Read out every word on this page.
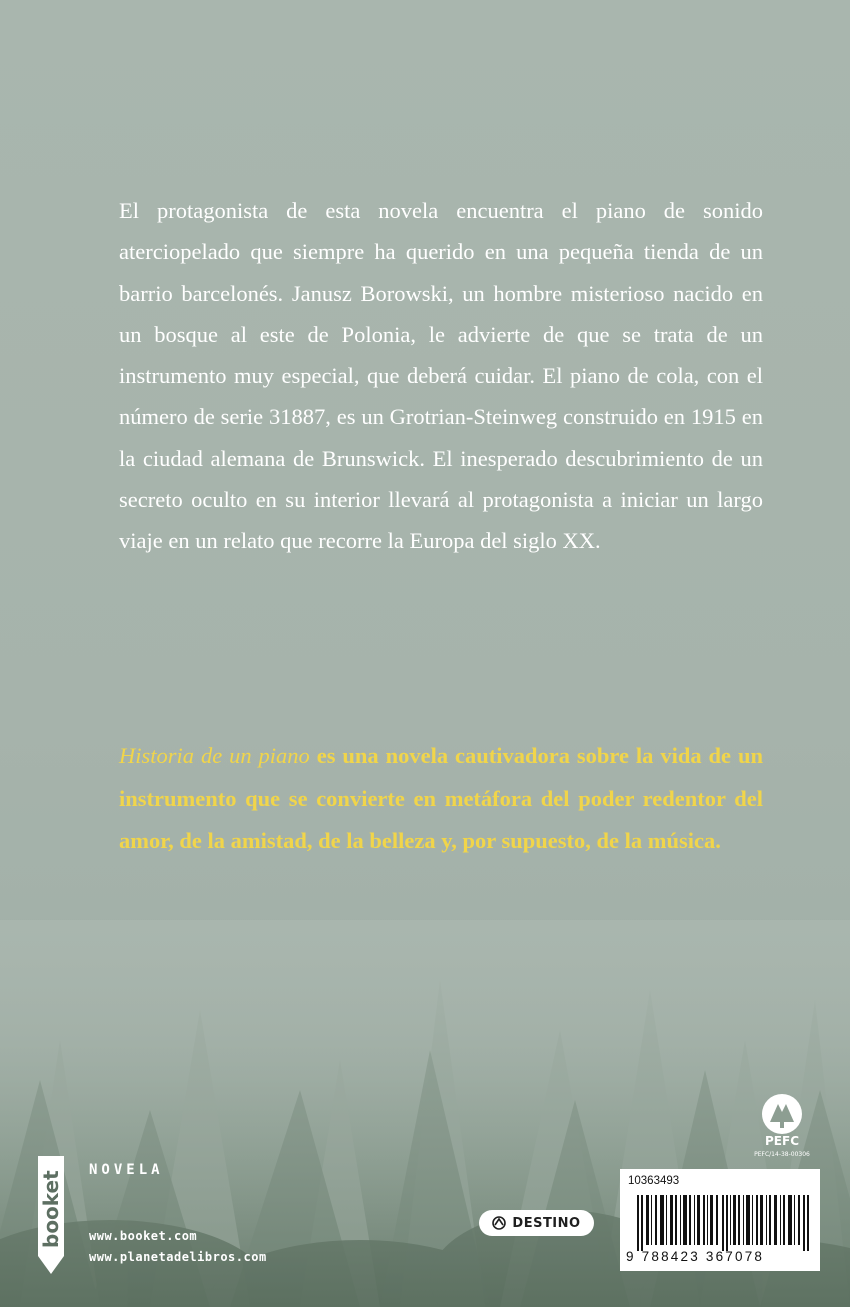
El protagonista de esta novela encuentra el piano de sonido aterciopelado que siempre ha querido en una pequeña tienda de un barrio barcelonés. Janusz Borowski, un hombre misterioso nacido en un bosque al este de Polonia, le advierte de que se trata de un instrumento muy especial, que deberá cuidar. El piano de cola, con el número de serie 31887, es un Grotrian-Steinweg construido en 1915 en la ciudad alemana de Brunswick. El inesperado descubrimiento de un secreto oculto en su interior llevará al protagonista a iniciar un largo viaje en un relato que recorre la Europa del siglo XX.

Historia de un piano es una novela cautivadora sobre la vida de un instrumento que se convierte en metáfora del poder redentor del amor, de la amistad, de la belleza y, por supuesto, de la música.

booket
NOVELA
www.booket.com
www.planetadelibros.com
DESTINO
PEFC
PEFC/14-38-00306
10363493
9 788423 367078
